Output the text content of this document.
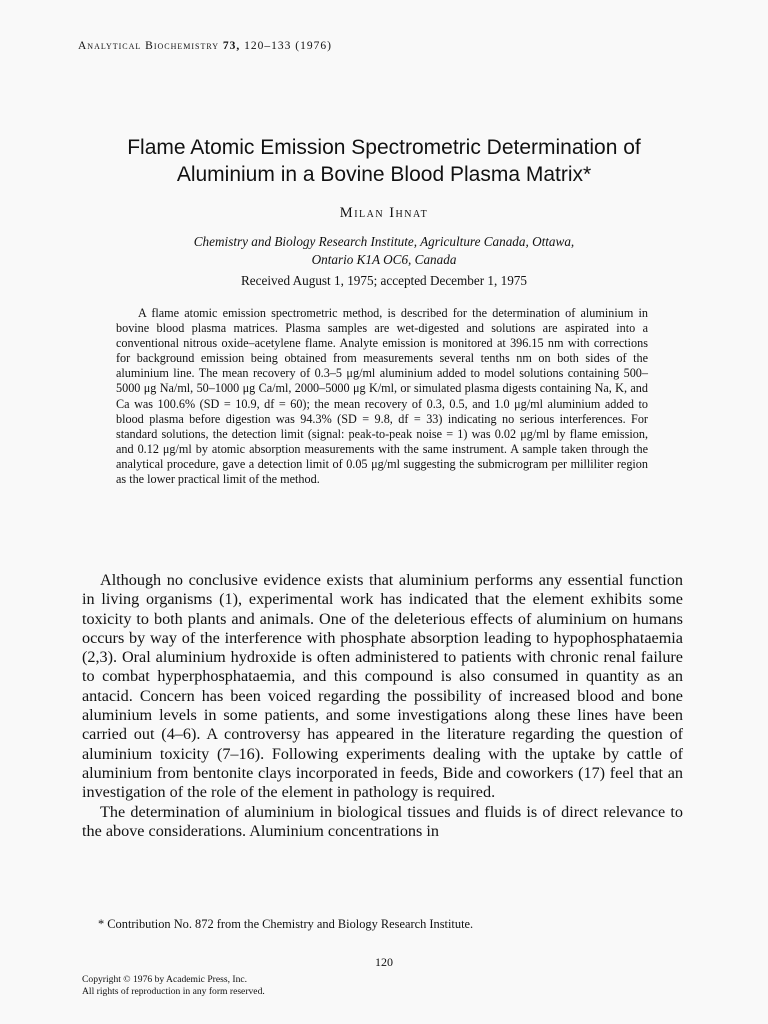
Analytical Biochemistry 73, 120–133 (1976)
Flame Atomic Emission Spectrometric Determination of
Aluminium in a Bovine Blood Plasma Matrix*
Milan Ihnat
Chemistry and Biology Research Institute, Agriculture Canada, Ottawa,
Ontario K1A OC6, Canada
Received August 1, 1975; accepted December 1, 1975

A flame atomic emission spectrometric method, is described for the determination of aluminium in bovine blood plasma matrices. Plasma samples are wet-digested and solutions are aspirated into a conventional nitrous oxide–acetylene flame. Analyte emission is monitored at 396.15 nm with corrections for background emission being obtained from measurements several tenths nm on both sides of the aluminium line. The mean recovery of 0.3–5 μg/ml aluminium added to model solutions containing 500–5000 μg Na/ml, 50–1000 μg Ca/ml, 2000–5000 μg K/ml, or simulated plasma digests containing Na, K, and Ca was 100.6% (SD = 10.9, df = 60); the mean recovery of 0.3, 0.5, and 1.0 μg/ml aluminium added to blood plasma before digestion was 94.3% (SD = 9.8, df = 33) indicating no serious interferences. For standard solutions, the detection limit (signal: peak-to-peak noise = 1) was 0.02 μg/ml by flame emission, and 0.12 μg/ml by atomic absorption measurements with the same instrument. A sample taken through the analytical procedure, gave a detection limit of 0.05 μg/ml suggesting the submicrogram per milliliter region as the lower practical limit of the method.

Although no conclusive evidence exists that aluminium performs any essential function in living organisms (1), experimental work has indicated that the element exhibits some toxicity to both plants and animals. One of the deleterious effects of aluminium on humans occurs by way of the interference with phosphate absorption leading to hypophosphataemia (2,3). Oral aluminium hydroxide is often administered to patients with chronic renal failure to combat hyperphosphataemia, and this compound is also consumed in quantity as an antacid. Concern has been voiced regarding the possibility of increased blood and bone aluminium levels in some patients, and some investigations along these lines have been carried out (4–6). A controversy has appeared in the literature regarding the question of aluminium toxicity (7–16). Following experiments dealing with the uptake by cattle of aluminium from bentonite clays incorporated in feeds, Bide and coworkers (17) feel that an investigation of the role of the element in pathology is required.

The determination of aluminium in biological tissues and fluids is of direct relevance to the above considerations. Aluminium concentrations in

* Contribution No. 872 from the Chemistry and Biology Research Institute.
120
Copyright © 1976 by Academic Press, Inc.
All rights of reproduction in any form reserved.
